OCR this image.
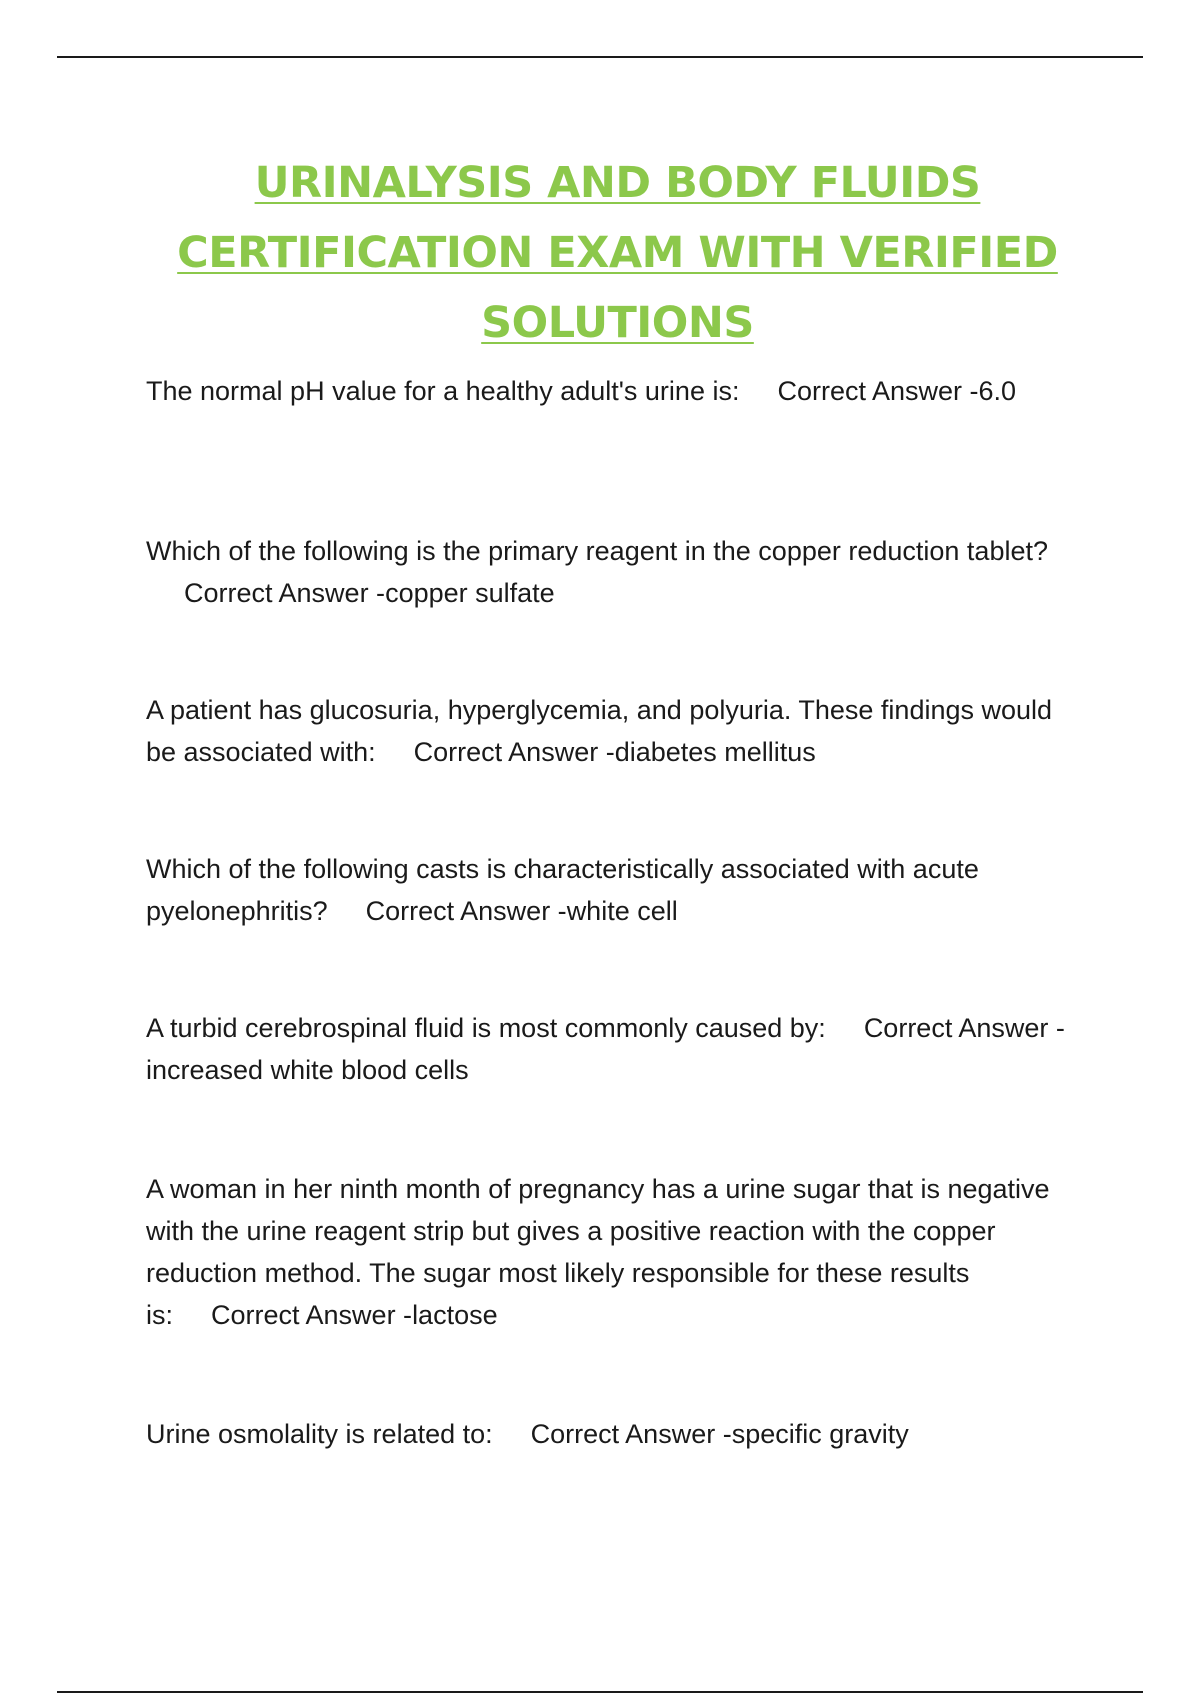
URINALYSIS AND BODY FLUIDS
CERTIFICATION EXAM WITH VERIFIED
SOLUTIONS

The normal pH value for a healthy adult's urine is: Correct Answer -6.0

Which of the following is the primary reagent in the copper reduction tablet?Correct Answer -copper sulfate

A patient has glucosuria, hyperglycemia, and polyuria. These findings would be associated with: Correct Answer -diabetes mellitus

Which of the following casts is characteristically associated with acute pyelonephritis? Correct Answer -white cell

A turbid cerebrospinal fluid is most commonly caused by: Correct Answer -increased white blood cells

A woman in her ninth month of pregnancy has a urine sugar that is negative with the urine reagent strip but gives a positive reaction with the copper reduction method. The sugar most likely responsible for these results is: Correct Answer -lactose

Urine osmolality is related to: Correct Answer -specific gravity
